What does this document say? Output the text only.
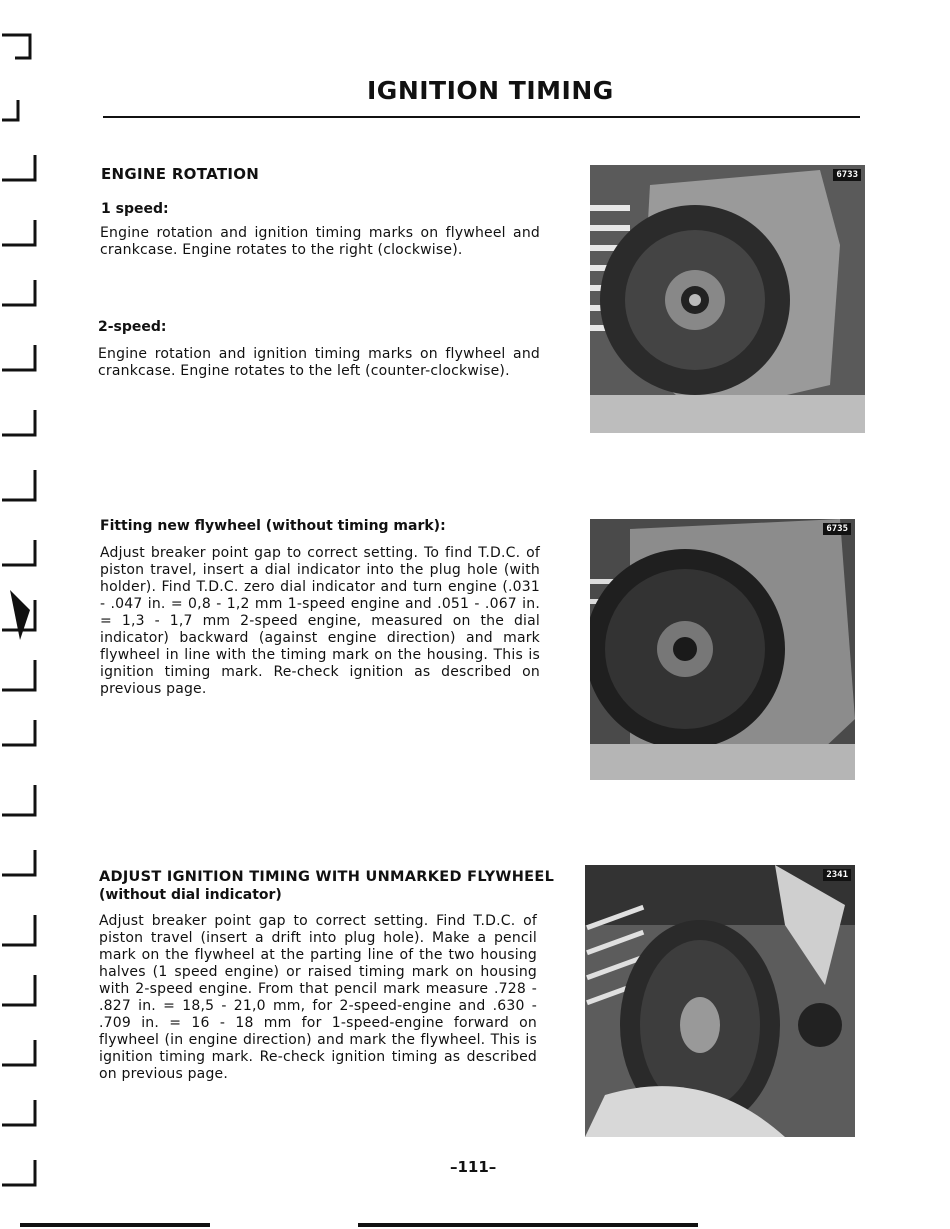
IGNITION TIMING
ENGINE ROTATION
1 speed:
Engine rotation and ignition timing marks on flywheel and crankcase. Engine rotates to the right (clockwise).
2-speed:
Engine rotation and ignition timing marks on flywheel and crankcase. Engine rotates to the left (counter-clockwise).
Fitting new flywheel (without timing mark):
Adjust breaker point gap to correct setting. To find T.D.C. of piston travel, insert a dial indicator into the plug hole (with holder). Find T.D.C. zero dial indicator and turn engine (.031 - .047 in. = 0,8 - 1,2 mm 1-speed engine and .051 - .067 in. = 1,3 - 1,7 mm 2-speed engine, measured on the dial indicator) backward (against engine direction) and mark flywheel in line with the timing mark on the housing. This is ignition timing mark. Re-check ignition as described on previous page.
ADJUST IGNITION TIMING WITH UNMARKED FLYWHEEL
(without dial indicator)
Adjust breaker point gap to correct setting. Find T.D.C. of piston travel (insert a drift into plug hole). Make a pencil mark on the flywheel at the parting line of the two housing halves (1 speed engine) or raised timing mark on housing with 2-speed engine. From that pencil mark measure .728 - .827 in. = 18,5 - 21,0 mm, for 2-speed-engine and .630 - .709 in. = 16 - 18 mm for 1-speed-engine forward on flywheel (in engine direction) and mark the flywheel. This is ignition timing mark. Re-check ignition timing as described on previous page.
6733
6735
2341
–111–
